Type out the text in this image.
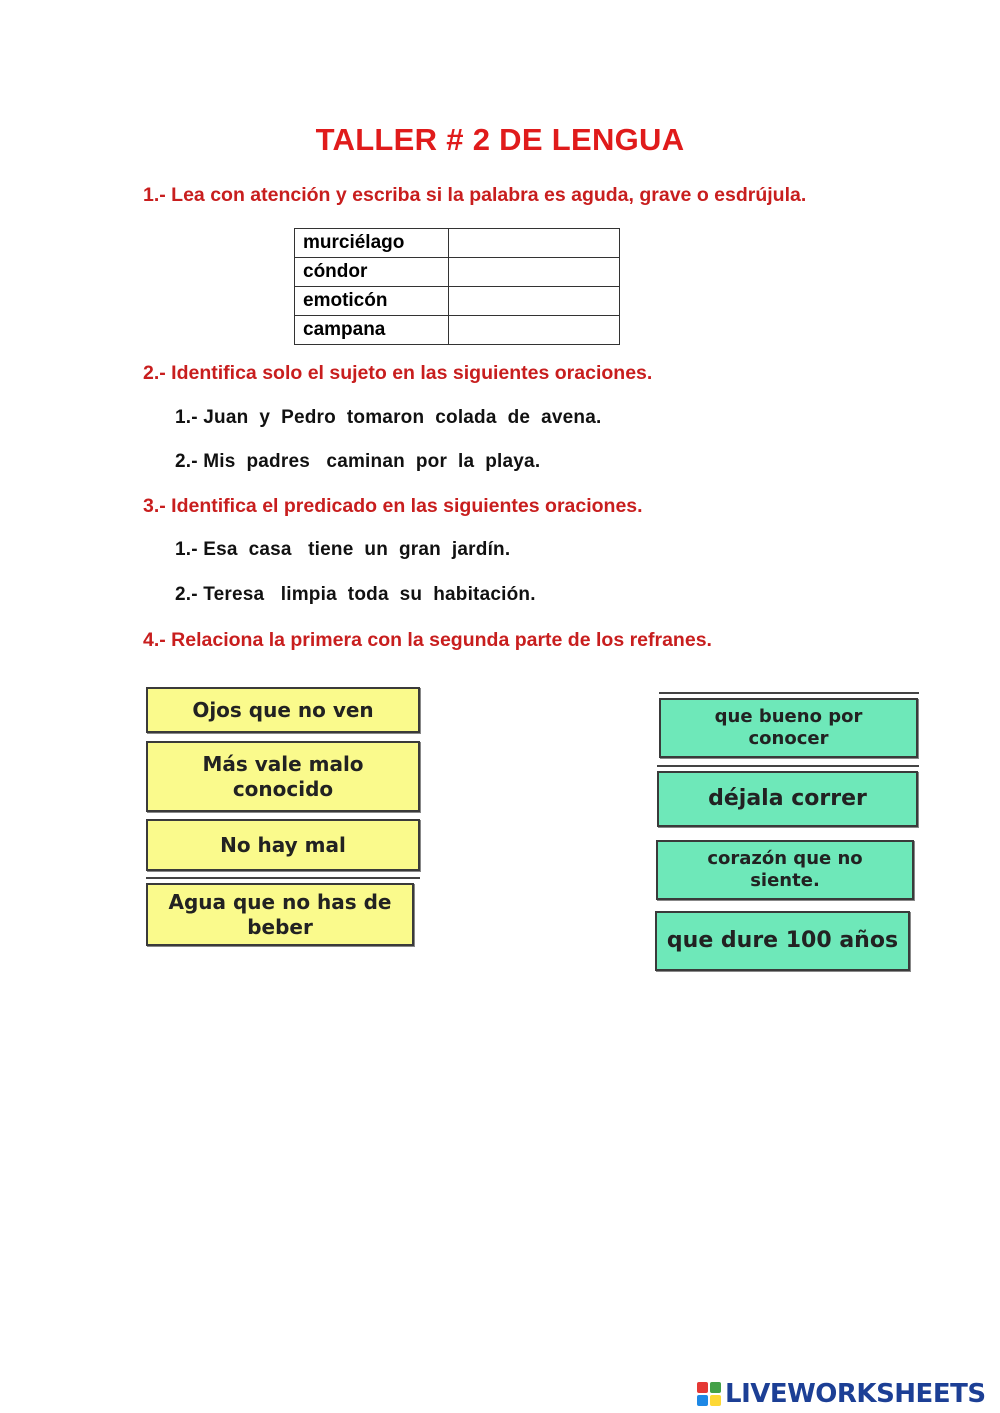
TALLER # 2 DE LENGUA
1.- Lea con atención y escriba si la palabra es aguda, grave o esdrújula.
murciélago	
cóndor	
emoticón	
campana	
2.- Identifica solo el sujeto en las siguientes oraciones.
1.- Juan  y  Pedro  tomaron  colada  de  avena.
2.- Mis  padres   caminan  por  la  playa.
3.- Identifica el predicado en las siguientes oraciones.
1.- Esa  casa   tiene  un  gran  jardín.
2.- Teresa   limpia  toda  su  habitación.
4.- Relaciona la primera con la segunda parte de los refranes.
Ojos que no ven
Más vale malo conocido
No hay mal
Agua que no has de beber
que bueno por conocer
déjala correr
corazón que no siente.
que dure 100 años
LIVEWORKSHEETS
